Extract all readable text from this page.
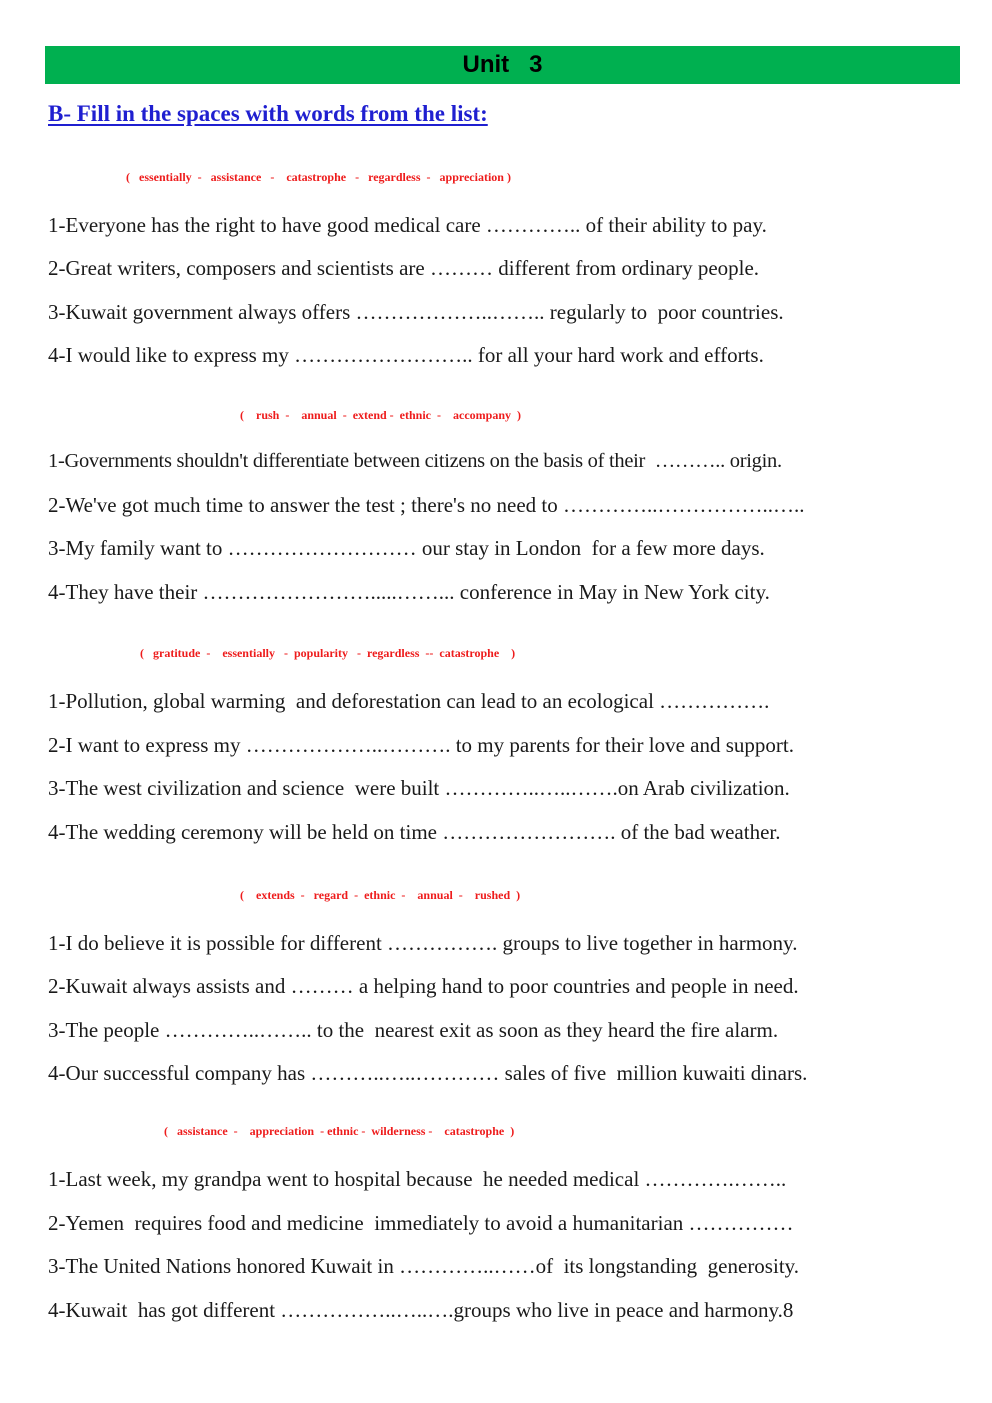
Unit   3
B- Fill in the spaces with words from the list:
(   essentially  -   assistance   -    catastrophe   -   regardless  -   appreciation )
1-Everyone has the right to have good medical care ………….. of their ability to pay.
2-Great writers, composers and scientists are ……… different from ordinary people.
3-Kuwait government always offers ………………..…….. regularly to  poor countries.
4-I would like to express my …………………….. for all your hard work and efforts.
(    rush  -    annual  -  extend -  ethnic  -    accompany  )
1-Governments shouldn't differentiate between citizens on the basis of their  ……….. origin.
2-We've got much time to answer the test ; there's no need to …………..……………..…..
3-My family want to ……………………… our stay in London  for a few more days.
4-They have their …………………….....……... conference in May in New York city.
(   gratitude  -    essentially   -  popularity   -  regardless  --  catastrophe    )
1-Pollution, global warming  and deforestation can lead to an ecological …………….
2-I want to express my ………………..………. to my parents for their love and support.
3-The west civilization and science  were built …………..…..…….on Arab civilization.
4-The wedding ceremony will be held on time ……………………. of the bad weather.
(    extends  -   regard  -  ethnic  -    annual  -    rushed  )
1-I do believe it is possible for different ……………. groups to live together in harmony.
2-Kuwait always assists and ……… a helping hand to poor countries and people in need.
3-The people …………..…….. to the  nearest exit as soon as they heard the fire alarm.
4-Our successful company has ………..…..………… sales of five  million kuwaiti dinars.
(   assistance  -    appreciation  - ethnic -  wilderness -    catastrophe  )
1-Last week, my grandpa went to hospital because  he needed medical ………….……..
2-Yemen  requires food and medicine  immediately to avoid a humanitarian ……………
3-The United Nations honored Kuwait in …………..……of  its longstanding  generosity.
4-Kuwait  has got different ……………..…..….groups who live in peace and harmony.8
